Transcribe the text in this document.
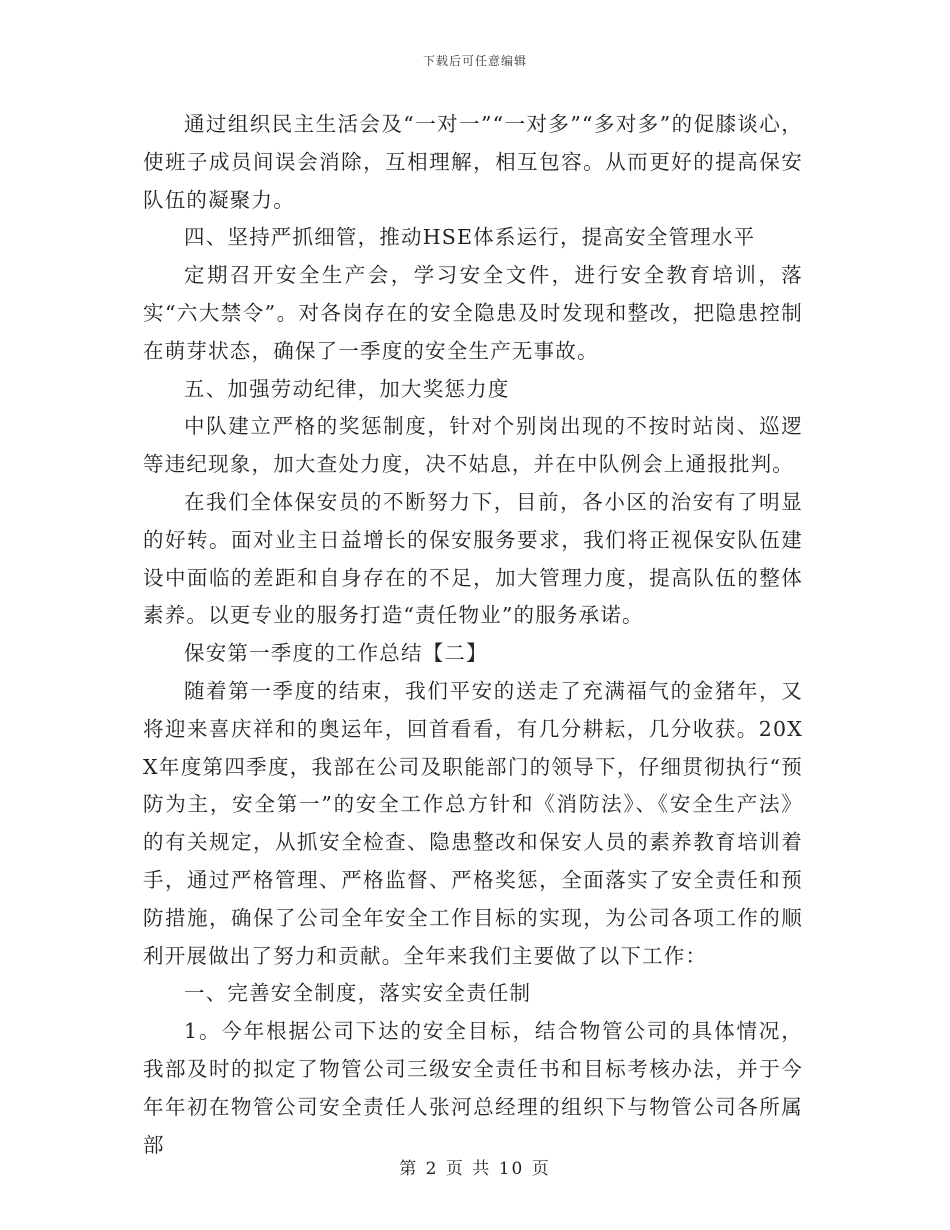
下载后可任意编辑

通过组织民主生活会及“一对一”“一对多”“多对多”的促膝谈心，使班子成员间误会消除，互相理解，相互包容。从而更好的提高保安队伍的凝聚力。

四、坚持严抓细管，推动HSE体系运行，提高安全管理水平

定期召开安全生产会，学习安全文件，进行安全教育培训，落实“六大禁令”。对各岗存在的安全隐患及时发现和整改，把隐患控制在萌芽状态，确保了一季度的安全生产无事故。

五、加强劳动纪律，加大奖惩力度

中队建立严格的奖惩制度，针对个别岗出现的不按时站岗、巡逻等违纪现象，加大查处力度，决不姑息，并在中队例会上通报批判。

在我们全体保安员的不断努力下，目前，各小区的治安有了明显的好转。面对业主日益增长的保安服务要求，我们将正视保安队伍建设中面临的差距和自身存在的不足，加大管理力度，提高队伍的整体素养。以更专业的服务打造“责任物业”的服务承诺。

保安第一季度的工作总结【二】

随着第一季度的结束，我们平安的送走了充满福气的金猪年，又将迎来喜庆祥和的奥运年，回首看看，有几分耕耘，几分收获。20XX年度第四季度，我部在公司及职能部门的领导下，仔细贯彻执行“预防为主，安全第一”的安全工作总方针和《消防法》、《安全生产法》的有关规定，从抓安全检查、隐患整改和保安人员的素养教育培训着手，通过严格管理、严格监督、严格奖惩，全面落实了安全责任和预防措施，确保了公司全年安全工作目标的实现，为公司各项工作的顺利开展做出了努力和贡献。全年来我们主要做了以下工作：

一、完善安全制度，落实安全责任制

1。今年根据公司下达的安全目标，结合物管公司的具体情况，我部及时的拟定了物管公司三级安全责任书和目标考核办法，并于今年年初在物管公司安全责任人张河总经理的组织下与物管公司各所属部

第 2 页 共 10 页
